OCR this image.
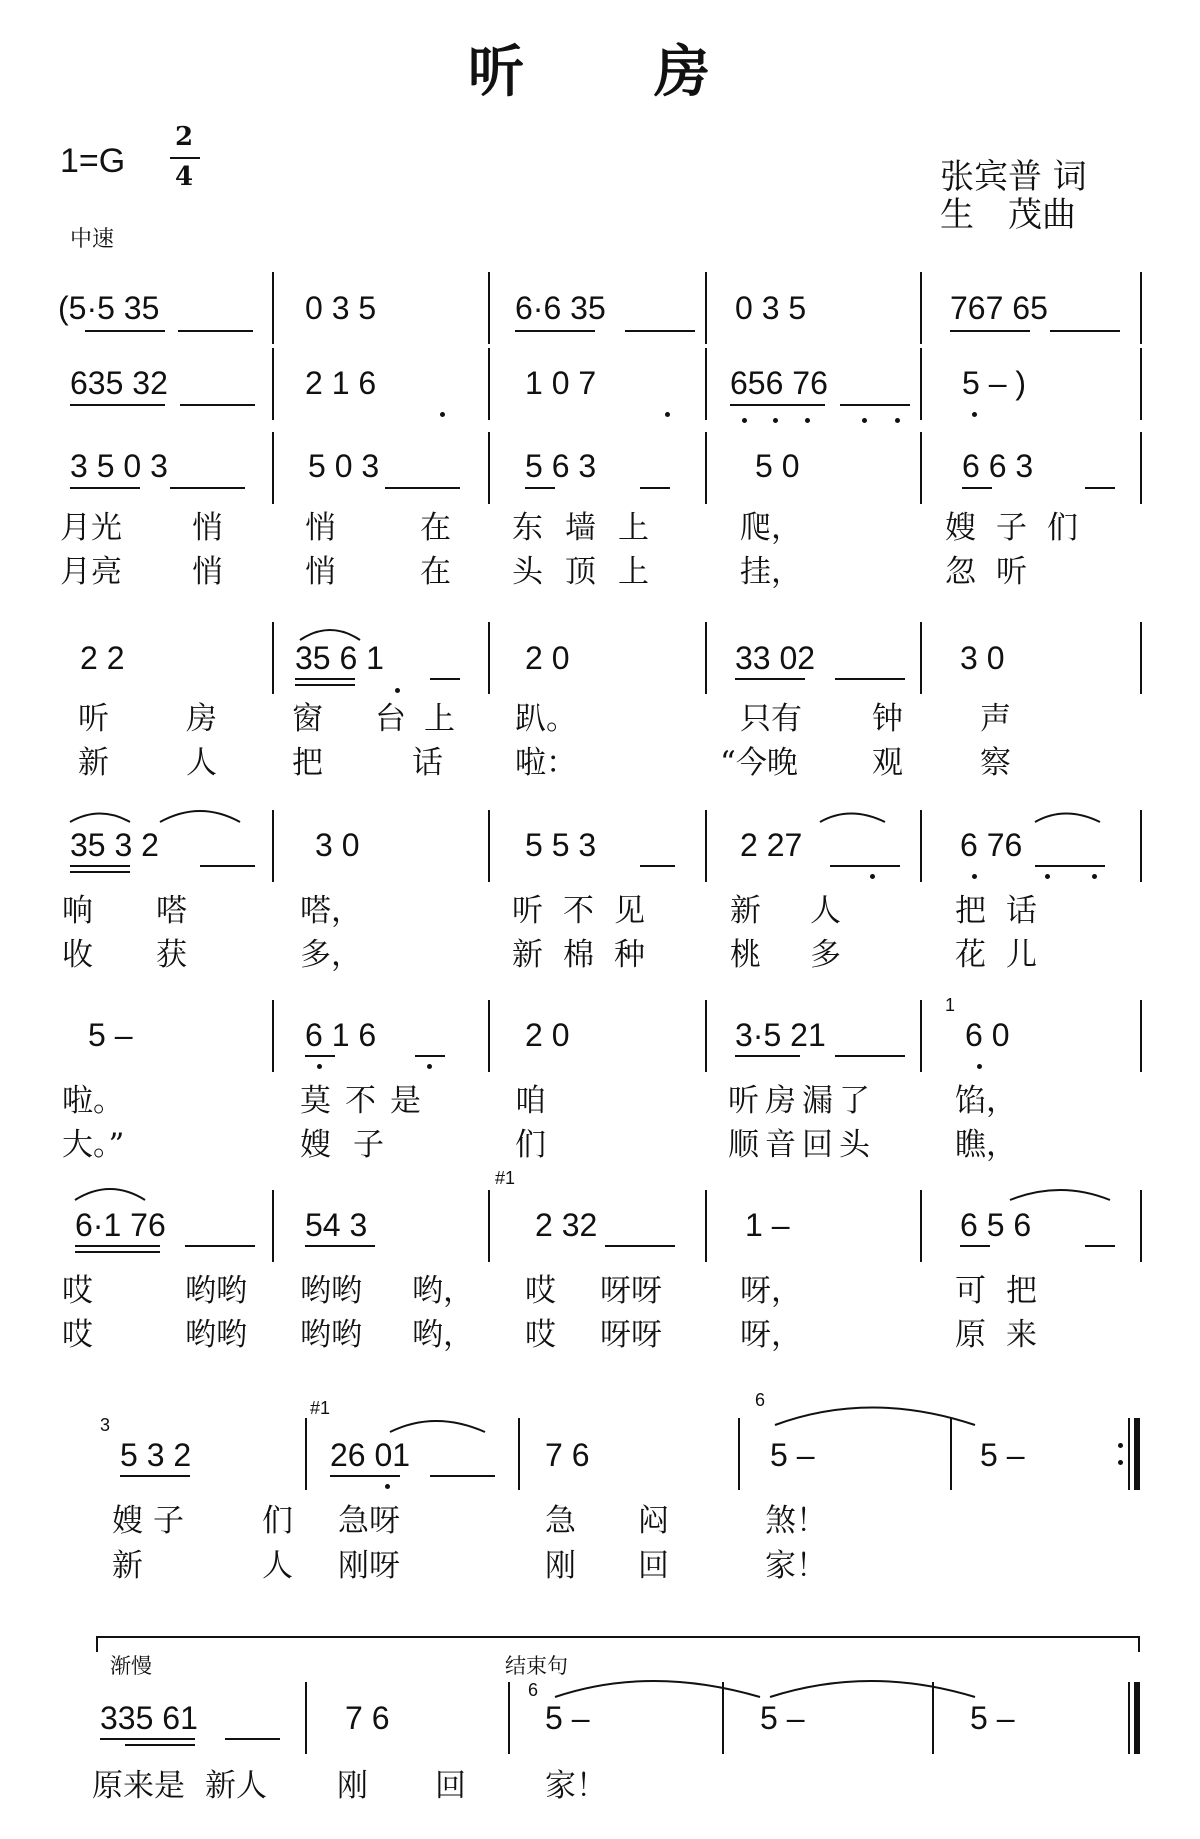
听　　房
1=G
2
4
中速
张宾普 词
生　茂曲
(5·5 35	0 3 5	6·6 35	0 3 5	767 65
635 32	2 1 6	1 0 7	656 76	5 – )
3 5 0 3	5 0 3	5 6 3	5 0	6 6 3
月光 悄	悄	在 东墙上 爬，	嫂子们
月亮 悄	悄	在 头顶上 挂，	忽听
2 2	35 6 1	2 0	33 02	3 0
听 房 窗 台上 趴。	只有 钟 声
新 人 把	话 啦：	“今晚 观 察
35 3 2	3 0	5 5 3	2 27	6 76
响 嗒	嗒，	听不见 新 人	把话
收 获	多，	新棉种 桃 多	花儿
5 –	6 1 6	2 0	3·5 21	6 0
1
啦。	莫不是	咱	听房漏了	馅，
大。”	嫂子	们	顺音回头	瞧，
6·1 76	54 3	2 32	1 –	6 5 6
#1
哎	哟哟 哟哟 哟， 哎 呀呀	呀，	可把
哎	哟哟 哟哟 哟， 哎 呀呀	呀，	原来
5 3 2	26 01	7 6	5 –	5 –
3
#1	6
嫂子 们 急呀	急 闷	煞！
新	人 刚呀	刚 回	家！
渐慢	结束句
335 61	7 6	5 –	5 –	5 –
6
原来是 新人 刚 回	家！
